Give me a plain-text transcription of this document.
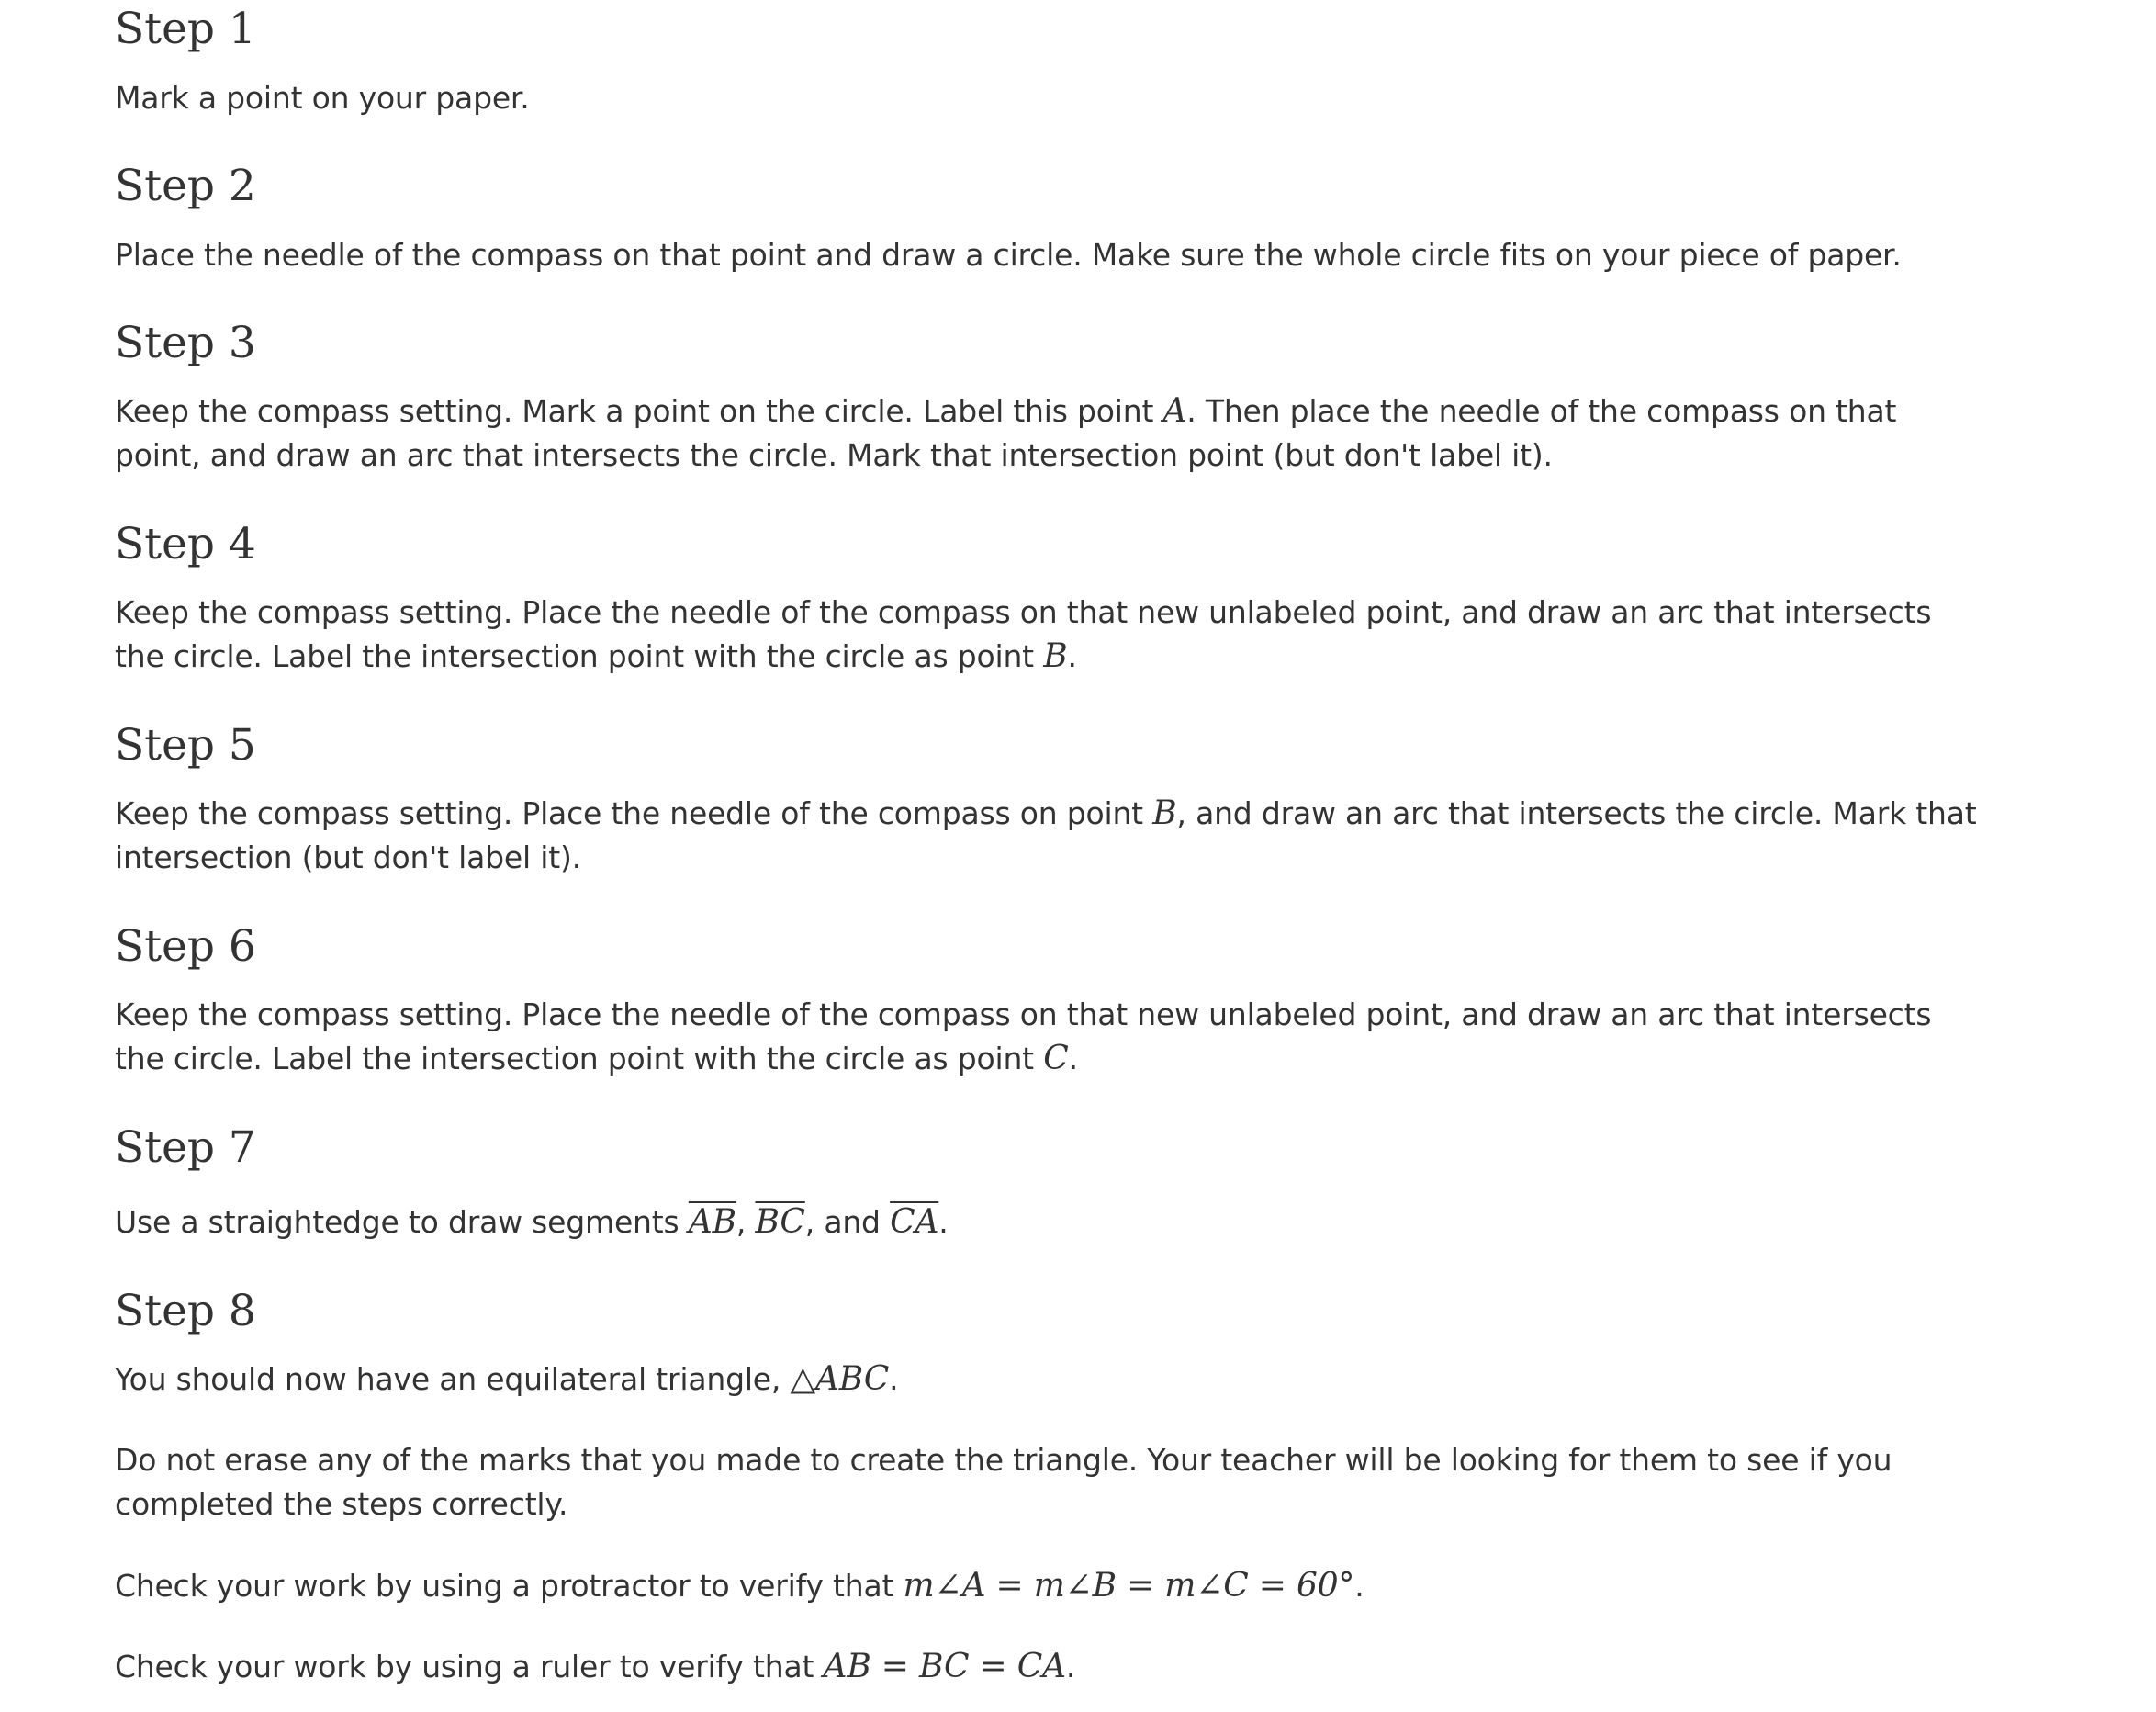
Step 1

Mark a point on your paper.

Step 2

Place the needle of the compass on that point and draw a circle. Make sure the whole circle fits on your piece of paper.

Step 3

Keep the compass setting. Mark a point on the circle. Label this point A. Then place the needle of the compass on that

point, and draw an arc that intersects the circle. Mark that intersection point (but don't label it).

Step 4

Keep the compass setting. Place the needle of the compass on that new unlabeled point, and draw an arc that intersects

the circle. Label the intersection point with the circle as point B.

Step 5

Keep the compass setting. Place the needle of the compass on point B, and draw an arc that intersects the circle. Mark that

intersection (but don't label it).

Step 6

Keep the compass setting. Place the needle of the compass on that new unlabeled point, and draw an arc that intersects

the circle. Label the intersection point with the circle as point C.

Step 7

Use a straightedge to draw segments $\overline{AB}$, $\overline{BC}$, and $\overline{CA}$.

Step 8

You should now have an equilateral triangle, △ABC.

Do not erase any of the marks that you made to create the triangle. Your teacher will be looking for them to see if you

completed the steps correctly.

Check your work by using a protractor to verify that m∠A = m∠B = m∠C = 60°.

Check your work by using a ruler to verify that AB = BC = CA.
